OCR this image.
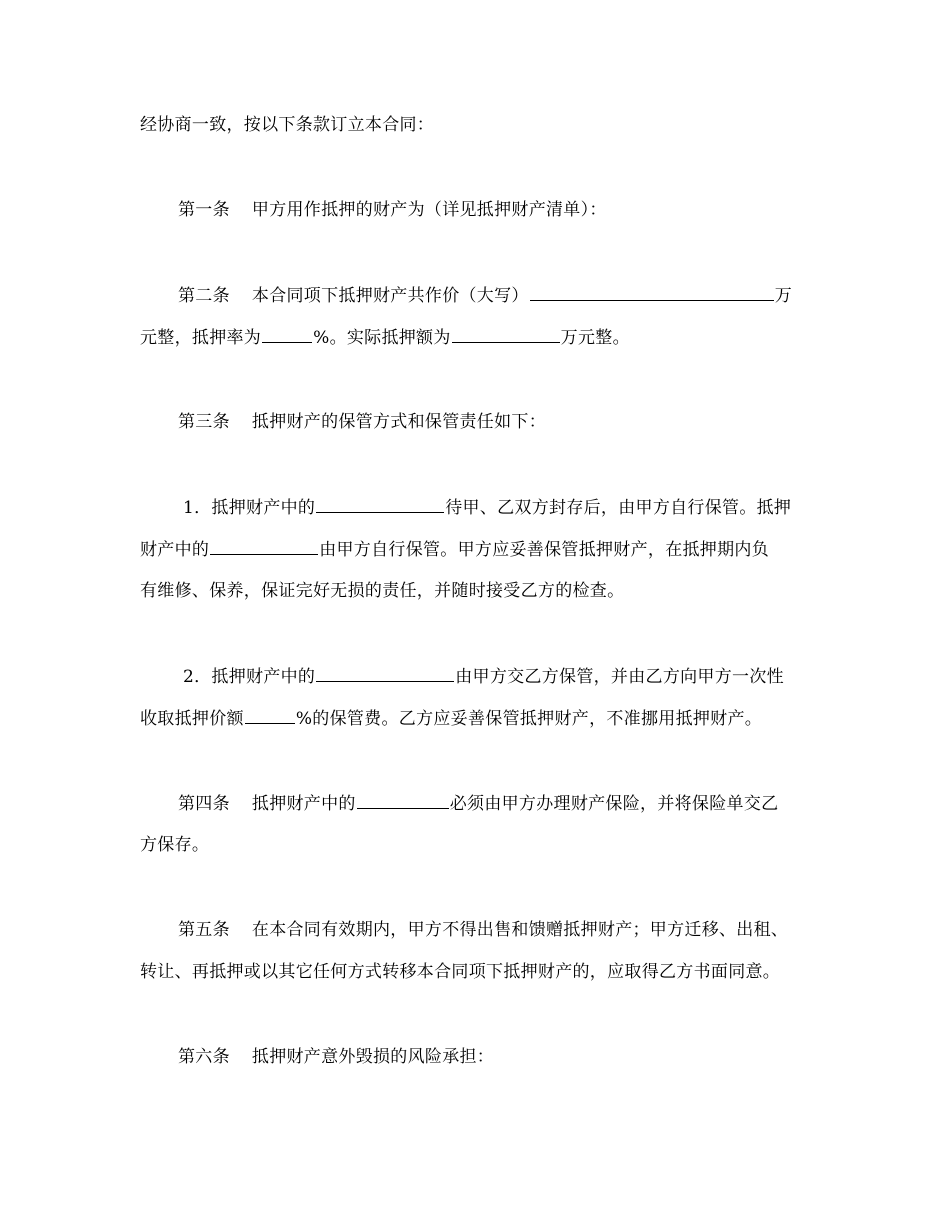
经协商一致，按以下条款订立本合同：
第一条 甲方用作抵押的财产为（详见抵押财产清单）：
第二条 本合同项下抵押财产共作价（大写）	万
元整，抵押率为	%。实际抵押额为	万元整。
第三条 抵押财产的保管方式和保管责任如下：
1．抵押财产中的	待甲、乙双方封存后，由甲方自行保管。抵押
财产中的	由甲方自行保管。甲方应妥善保管抵押财产，在抵押期内负
有维修、保养，保证完好无损的责任，并随时接受乙方的检查。
2．抵押财产中的	由甲方交乙方保管，并由乙方向甲方一次性
收取抵押价额	%的保管费。乙方应妥善保管抵押财产，不准挪用抵押财产。
第四条 抵押财产中的	必须由甲方办理财产保险，并将保险单交乙
方保存。
第五条 在本合同有效期内，甲方不得出售和馈赠抵押财产；甲方迁移、出租、
转让、再抵押或以其它任何方式转移本合同项下抵押财产的，应取得乙方书面同意。
第六条 抵押财产意外毁损的风险承担：
